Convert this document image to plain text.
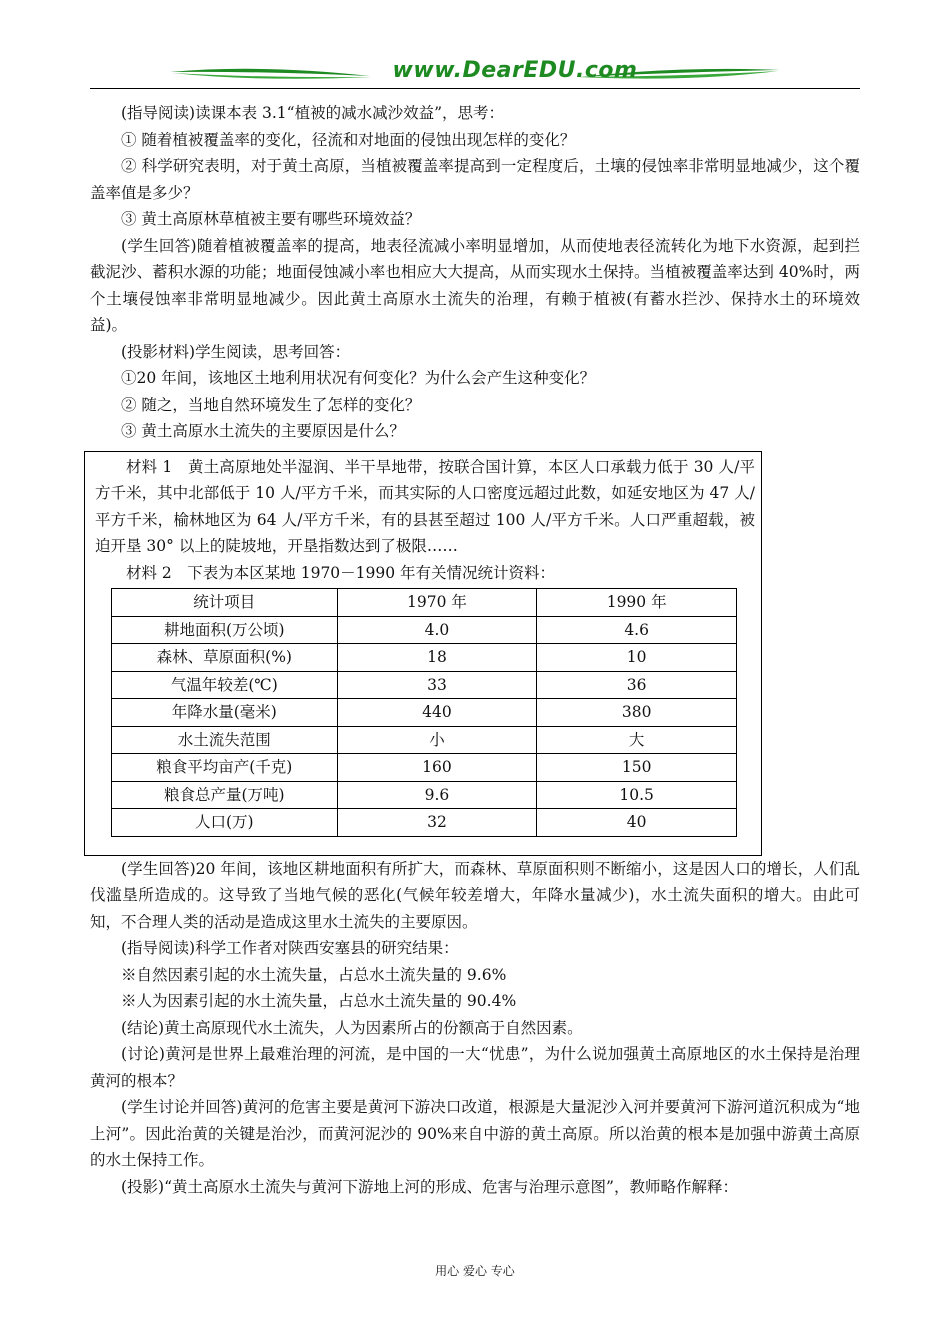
www.DearEDU.com

(指导阅读)读课本表 3.1“植被的减水减沙效益”，思考：

① 随着植被覆盖率的变化，径流和对地面的侵蚀出现怎样的变化？

② 科学研究表明，对于黄土高原，当植被覆盖率提高到一定程度后，土壤的侵蚀率非常明显地减少，这个覆盖率值是多少？

③ 黄土高原林草植被主要有哪些环境效益？

(学生回答)随着植被覆盖率的提高，地表径流减小率明显增加，从而使地表径流转化为地下水资源，起到拦截泥沙、蓄积水源的功能；地面侵蚀减小率也相应大大提高，从而实现水土保持。当植被覆盖率达到 40%时，两个土壤侵蚀率非常明显地减少。因此黄土高原水土流失的治理，有赖于植被(有蓄水拦沙、保持水土的环境效益)。

(投影材料)学生阅读，思考回答：

①20 年间，该地区土地利用状况有何变化？为什么会产生这种变化？

② 随之，当地自然环境发生了怎样的变化？

③ 黄土高原水土流失的主要原因是什么？

材料 1　黄土高原地处半湿润、半干旱地带，按联合国计算，本区人口承载力低于 30 人/平方千米，其中北部低于 10 人/平方千米，而其实际的人口密度远超过此数，如延安地区为 47 人/平方千米，榆林地区为 64 人/平方千米，有的县甚至超过 100 人/平方千米。人口严重超载，被迫开垦 30° 以上的陡坡地，开垦指数达到了极限……

材料 2　下表为本区某地 1970－1990 年有关情况统计资料：

统计项目	1970 年	1990 年
耕地面积(万公顷)	4.0	4.6
森林、草原面积(%)	18	10
气温年较差(℃)	33	36
年降水量(毫米)	440	380
水土流失范围	小	大
粮食平均亩产(千克)	160	150
粮食总产量(万吨)	9.6	10.5
人口(万)	32	40

(学生回答)20 年间，该地区耕地面积有所扩大，而森林、草原面积则不断缩小，这是因人口的增长，人们乱伐滥垦所造成的。这导致了当地气候的恶化(气候年较差增大，年降水量减少)，水土流失面积的增大。由此可知，不合理人类的活动是造成这里水土流失的主要原因。

(指导阅读)科学工作者对陕西安塞县的研究结果：

※自然因素引起的水土流失量，占总水土流失量的 9.6%

※人为因素引起的水土流失量，占总水土流失量的 90.4%

(结论)黄土高原现代水土流失，人为因素所占的份额高于自然因素。

(讨论)黄河是世界上最难治理的河流，是中国的一大“忧患”，为什么说加强黄土高原地区的水土保持是治理黄河的根本？

(学生讨论并回答)黄河的危害主要是黄河下游决口改道，根源是大量泥沙入河并要黄河下游河道沉积成为“地上河”。因此治黄的关键是治沙，而黄河泥沙的 90%来自中游的黄土高原。所以治黄的根本是加强中游黄土高原的水土保持工作。

(投影)“黄土高原水土流失与黄河下游地上河的形成、危害与治理示意图”，教师略作解释：

用心 爱心 专心
